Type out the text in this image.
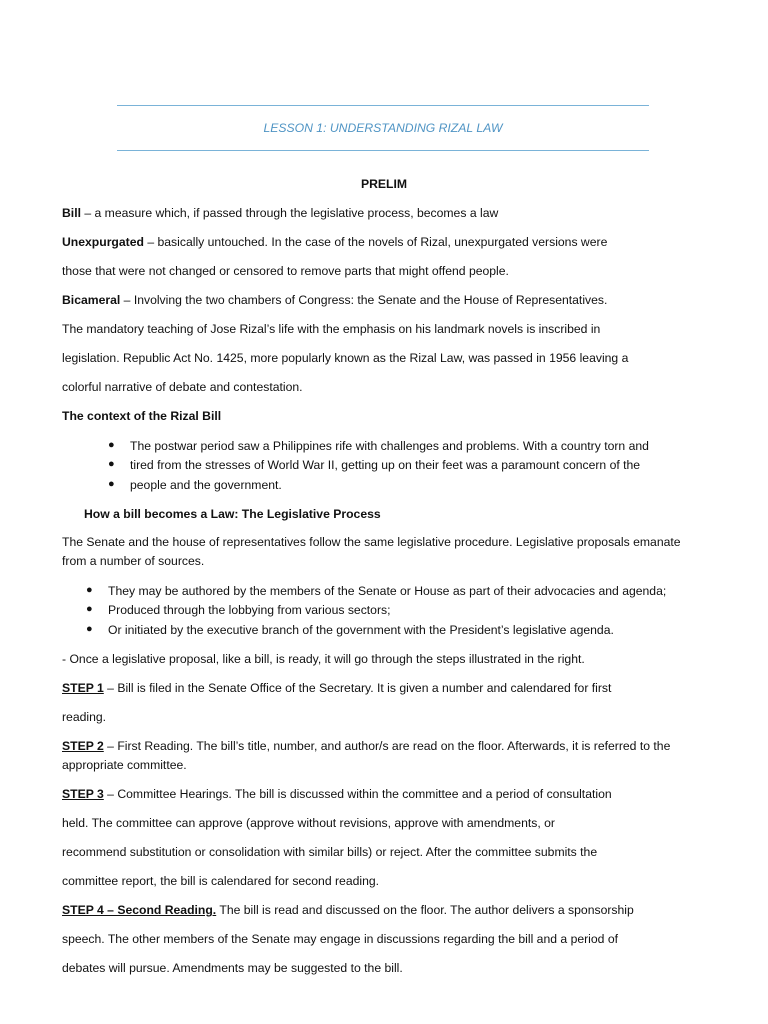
LESSON 1: UNDERSTANDING RIZAL LAW
PRELIM
Bill – a measure which, if passed through the legislative process, becomes a law
Unexpurgated – basically untouched. In the case of the novels of Rizal, unexpurgated versions were
those that were not changed or censored to remove parts that might offend people.
Bicameral – Involving the two chambers of Congress: the Senate and the House of Representatives.
The mandatory teaching of Jose Rizal’s life with the emphasis on his landmark novels is inscribed in
legislation. Republic Act No. 1425, more popularly known as the Rizal Law, was passed in 1956 leaving a
colorful narrative of debate and contestation.
The context of the Rizal Bill
● The postwar period saw a Philippines rife with challenges and problems. With a country torn and
● tired from the stresses of World War II, getting up on their feet was a paramount concern of the
● people and the government.
How a bill becomes a Law: The Legislative Process
The Senate and the house of representatives follow the same legislative procedure. Legislative proposals emanate
from a number of sources.
● They may be authored by the members of the Senate or House as part of their advocacies and agenda;
● Produced through the lobbying from various sectors;
● Or initiated by the executive branch of the government with the President’s legislative agenda.
- Once a legislative proposal, like a bill, is ready, it will go through the steps illustrated in the right.
STEP 1 – Bill is filed in the Senate Office of the Secretary. It is given a number and calendared for first
reading.
STEP 2 – First Reading. The bill’s title, number, and author/s are read on the floor. Afterwards, it is referred to the
appropriate committee.
STEP 3 – Committee Hearings. The bill is discussed within the committee and a period of consultation
held. The committee can approve (approve without revisions, approve with amendments, or
recommend substitution or consolidation with similar bills) or reject. After the committee submits the
committee report, the bill is calendared for second reading.
STEP 4 – Second Reading. The bill is read and discussed on the floor. The author delivers a sponsorship
speech. The other members of the Senate may engage in discussions regarding the bill and a period of
debates will pursue. Amendments may be suggested to the bill.
